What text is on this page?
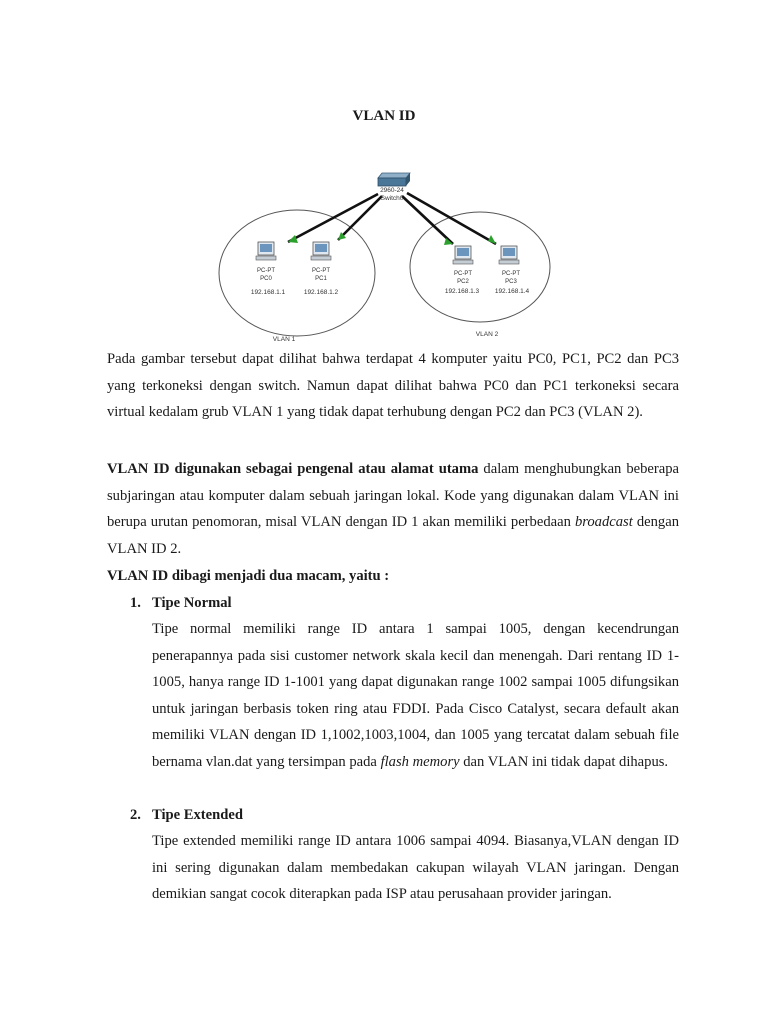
VLAN ID
2960-24
Switch0
PC-PT
PC0
192.168.1.1
PC-PT
PC1
192.168.1.2
PC-PT
PC2
192.168.1.3
PC-PT
PC3
192.168.1.4
VLAN 1
VLAN 2
Pada gambar tersebut dapat dilihat bahwa terdapat 4 komputer yaitu PC0, PC1, PC2 dan PC3 yang terkoneksi dengan switch. Namun dapat dilihat bahwa PC0 dan PC1 terkoneksi secara virtual kedalam grub VLAN 1 yang tidak dapat terhubung dengan PC2 dan PC3 (VLAN 2).
VLAN ID digunakan sebagai pengenal atau alamat utama dalam menghubungkan beberapa subjaringan atau komputer dalam sebuah jaringan lokal. Kode yang digunakan dalam VLAN ini berupa urutan penomoran, misal VLAN dengan ID 1 akan memiliki perbedaan broadcast dengan VLAN ID 2.
VLAN ID dibagi menjadi dua macam, yaitu :
1. Tipe Normal
Tipe normal memiliki range ID antara 1 sampai 1005, dengan kecendrungan penerapannya pada sisi customer network skala kecil dan menengah. Dari rentang ID 1-1005, hanya range ID 1-1001 yang dapat digunakan range 1002 sampai 1005 difungsikan untuk jaringan berbasis token ring atau FDDI. Pada Cisco Catalyst, secara default akan memiliki VLAN dengan ID 1,1002,1003,1004, dan 1005 yang tercatat dalam sebuah file bernama vlan.dat yang tersimpan pada flash memory dan VLAN ini tidak dapat dihapus.
2. Tipe Extended
Tipe extended memiliki range ID antara 1006 sampai 4094. Biasanya,VLAN dengan ID ini sering digunakan dalam membedakan cakupan wilayah VLAN jaringan. Dengan demikian sangat cocok diterapkan pada ISP atau perusahaan provider jaringan.
